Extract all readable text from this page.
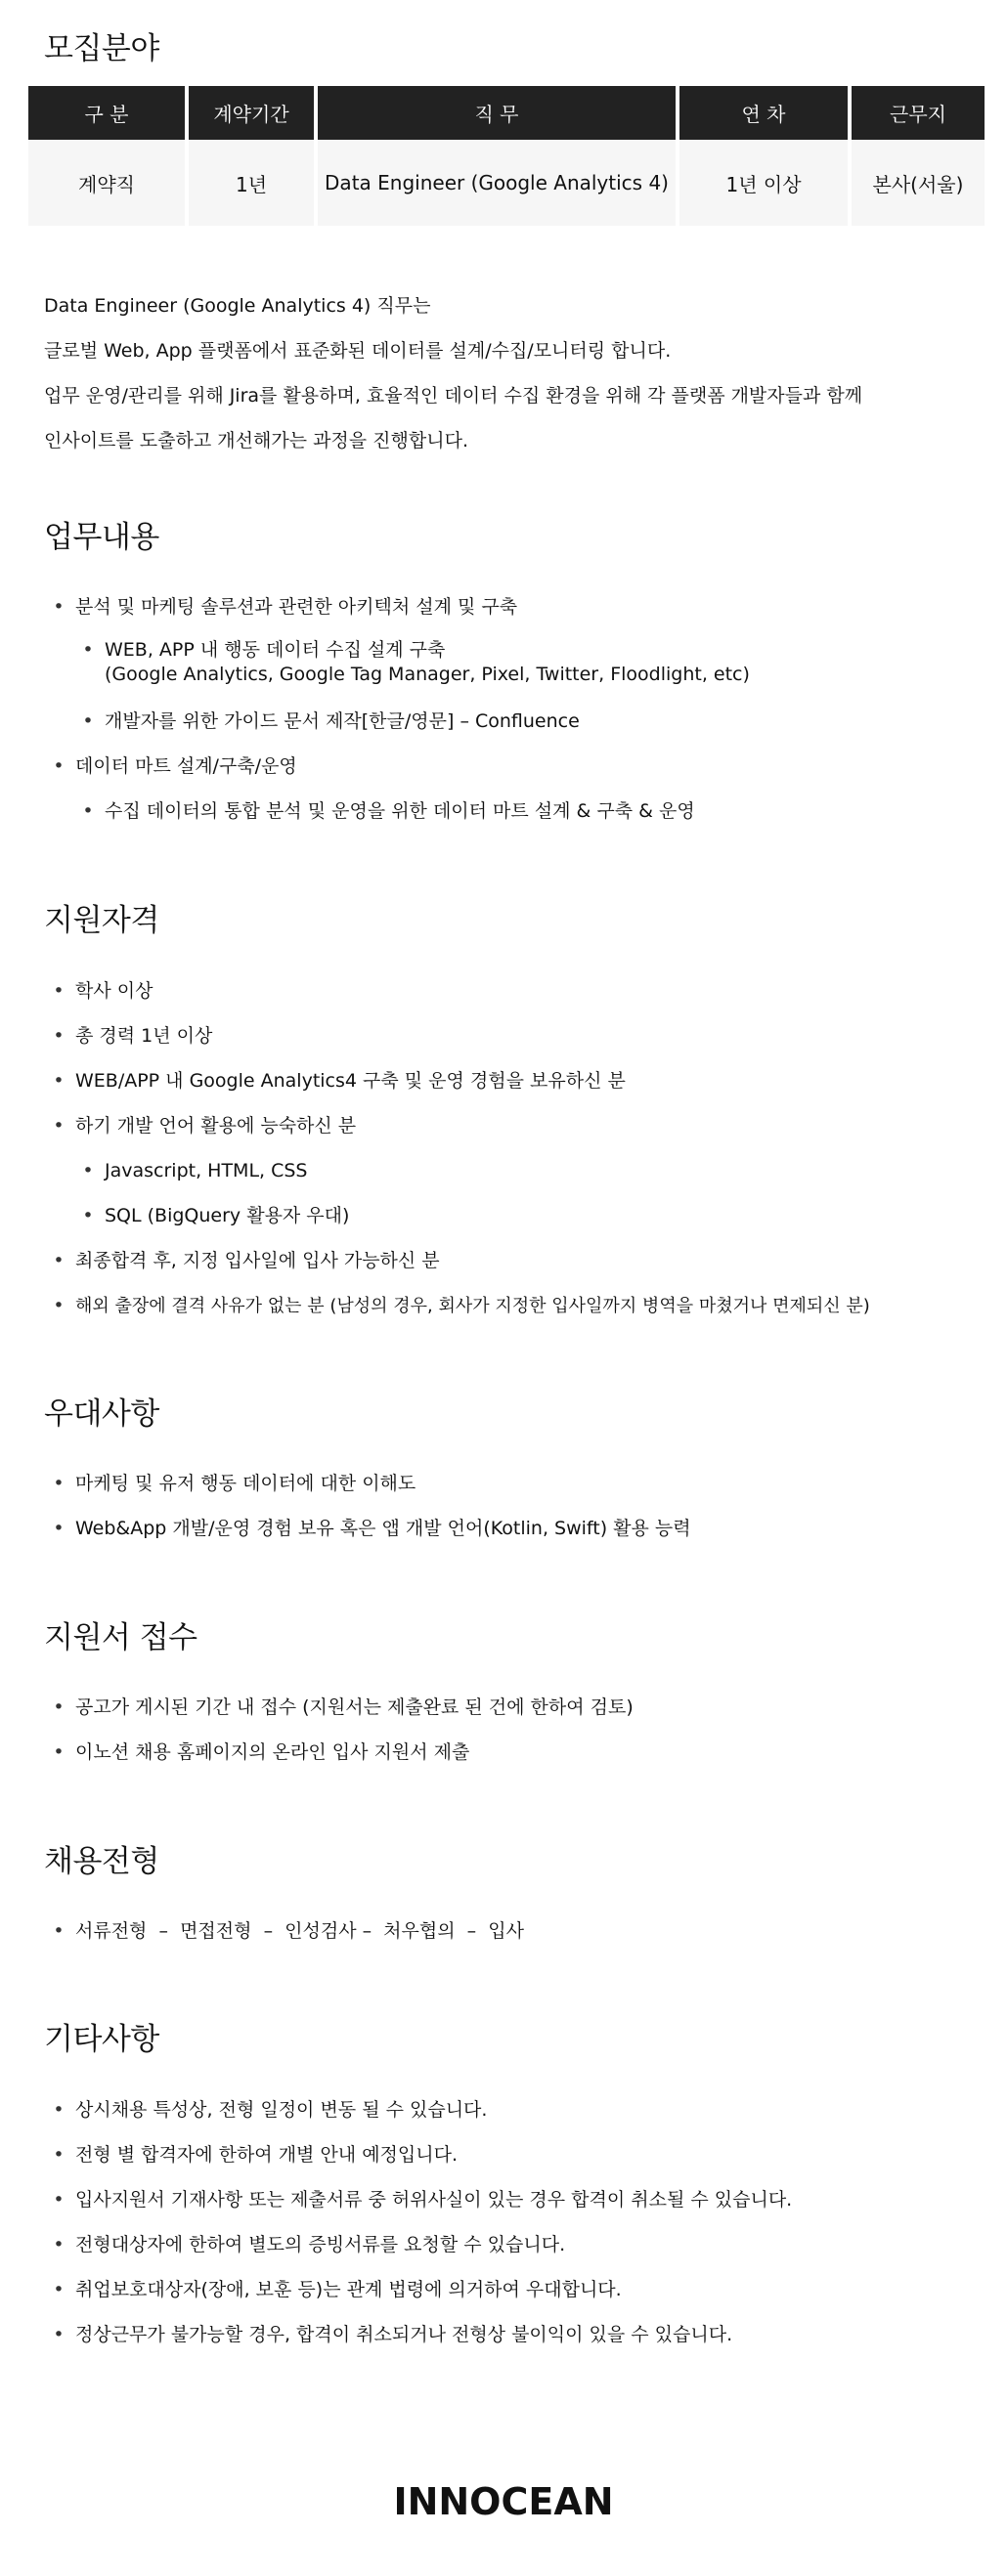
모집분야
구 분	계약기간	직 무	연 차	근무지
계약직	1년	Data Engineer (Google Analytics 4)	1년 이상	본사(서울)

Data Engineer (Google Analytics 4) 직무는

글로벌 Web, App 플랫폼에서 표준화된 데이터를 설계/수집/모니터링 합니다.

업무 운영/관리를 위해 Jira를 활용하며, 효율적인 데이터 수집 환경을 위해 각 플랫폼 개발자들과 함께

인사이트를 도출하고 개선해가는 과정을 진행합니다.

업무내용
• 분석 및 마케팅 솔루션과 관련한 아키텍처 설계 및 구축
• WEB, APP 내 행동 데이터 수집 설계 구축
(Google Analytics, Google Tag Manager, Pixel, Twitter, Floodlight, etc)
• 개발자를 위한 가이드 문서 제작[한글/영문] – Confluence
• 데이터 마트 설계/구축/운영
• 수집 데이터의 통합 분석 및 운영을 위한 데이터 마트 설계 & 구축 & 운영
지원자격
• 학사 이상
• 총 경력 1년 이상
• WEB/APP 내 Google Analytics4 구축 및 운영 경험을 보유하신 분
• 하기 개발 언어 활용에 능숙하신 분
• Javascript, HTML, CSS
• SQL (BigQuery 활용자 우대)
• 최종합격 후, 지정 입사일에 입사 가능하신 분
• 해외 출장에 결격 사유가 없는 분 (남성의 경우, 회사가 지정한 입사일까지 병역을 마쳤거나 면제되신 분)
우대사항
• 마케팅 및 유저 행동 데이터에 대한 이해도
• Web&App 개발/운영 경험 보유 혹은 앱 개발 언어(Kotlin, Swift) 활용 능력
지원서 접수
• 공고가 게시된 기간 내 접수 (지원서는 제출완료 된 건에 한하여 검토)
• 이노션 채용 홈페이지의 온라인 입사 지원서 제출
채용전형
• 서류전형  –  면접전형  –  인성검사 –  처우협의  –  입사
기타사항
• 상시채용 특성상, 전형 일정이 변동 될 수 있습니다.
• 전형 별 합격자에 한하여 개별 안내 예정입니다.
• 입사지원서 기재사항 또는 제출서류 중 허위사실이 있는 경우 합격이 취소될 수 있습니다.
• 전형대상자에 한하여 별도의 증빙서류를 요청할 수 있습니다.
• 취업보호대상자(장애, 보훈 등)는 관계 법령에 의거하여 우대합니다.
• 정상근무가 불가능할 경우, 합격이 취소되거나 전형상 불이익이 있을 수 있습니다.
INNOCEAN
